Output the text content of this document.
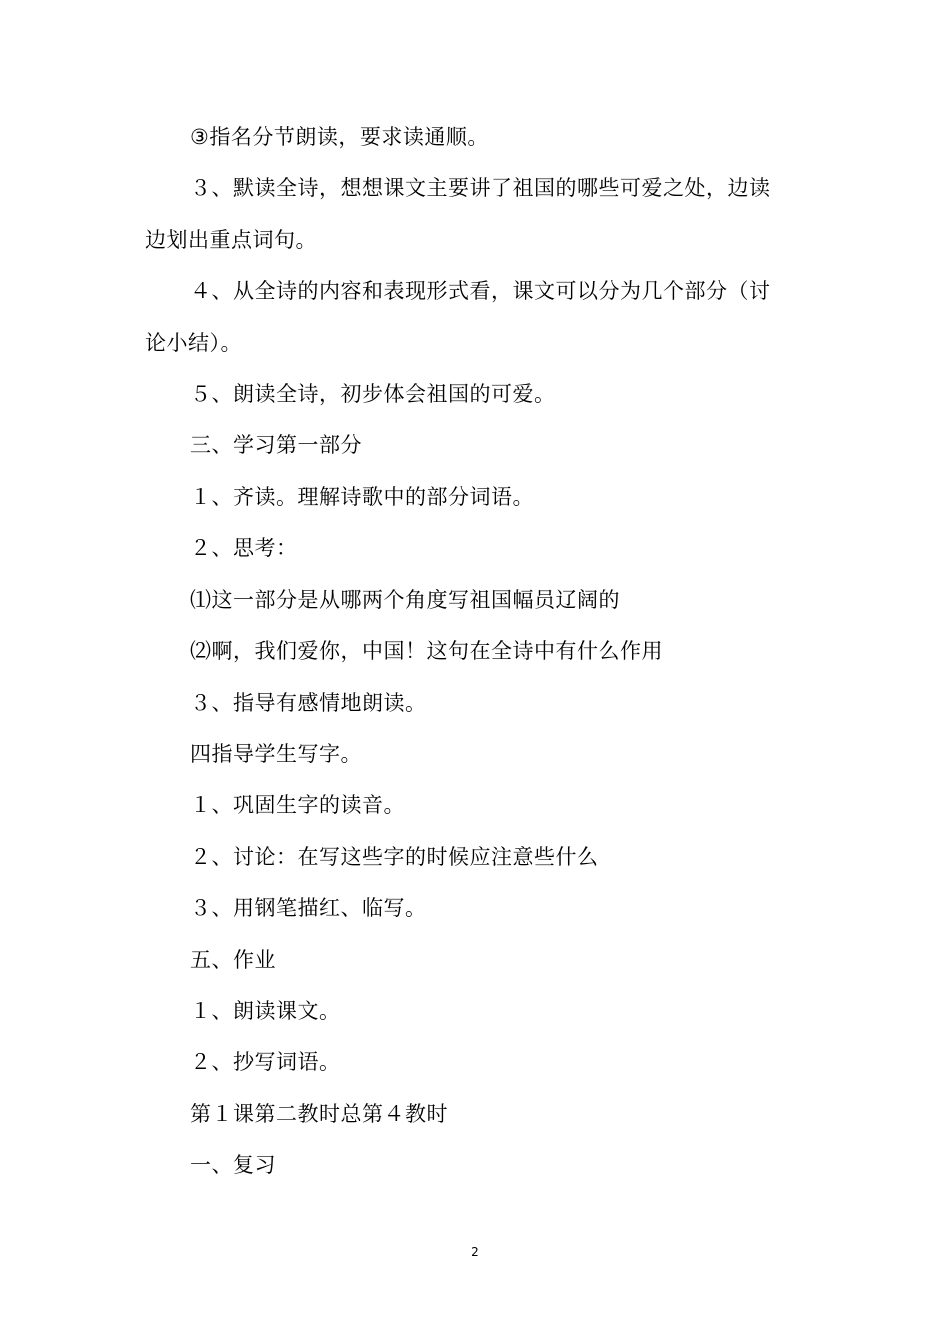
③指名分节朗读，要求读通顺。
３、默读全诗，想想课文主要讲了祖国的哪些可爱之处，边读
边划出重点词句。
４、从全诗的内容和表现形式看，课文可以分为几个部分（讨
论小结）。
５、朗读全诗，初步体会祖国的可爱。
三、学习第一部分
１、齐读。理解诗歌中的部分词语。
２、思考：
⑴这一部分是从哪两个角度写祖国幅员辽阔的
⑵啊，我们爱你，中国！这句在全诗中有什么作用
３、指导有感情地朗读。
四指导学生写字。
１、巩固生字的读音。
２、讨论：在写这些字的时候应注意些什么
３、用钢笔描红、临写。
五、作业
１、朗读课文。
２、抄写词语。
第１课第二教时总第４教时
一、复习
2
